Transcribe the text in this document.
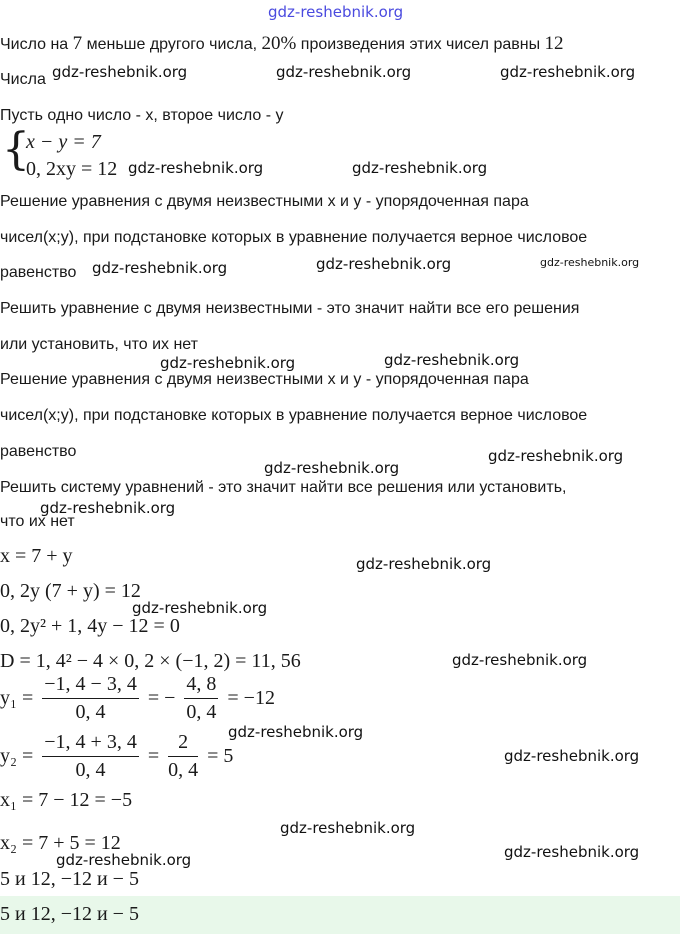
gdz-reshebnik.org
Число на 7 меньше другого числа, 20% произведения этих чисел равны 12
Числа
Пусть одно число - х, второе число - у
{
x − y = 7
0, 2xy = 12
Решение уравнения с двумя неизвестными х и у - упорядоченная пара
чисел(х;у), при подстановке которых в уравнение получается верное числовое
равенство
Решить уравнение с двумя неизвестными - это значит найти все его решения
или установить, что их нет
Решение уравнения с двумя неизвестными х и у - упорядоченная пара
чисел(х;у), при подстановке которых в уравнение получается верное числовое
равенство
Решить систему уравнений - это значит найти все решения или установить,
что их нет
x = 7 + y
0, 2y (7 + y) = 12
0, 2y² + 1, 4y − 12 = 0
D = 1, 4² − 4 × 0, 2 × (−1, 2) = 11, 56
$y_1 = \frac{-1, 4 - 3, 4}{0, 4}$ = − $\frac{4, 8}{0, 4} = -12$
$y_2 = \frac{-1, 4 + 3, 4}{0, 4} = \frac{2}{0, 4} = 5$
x₁ = 7 − 12 = −5
x₂ = 7 + 5 = 12
5 и 12, −12 и − 5
5 и 12, −12 и − 5
gdz-reshebnik.org	gdz-reshebnik.org	gdz-reshebnik.org
gdz-reshebnik.org	gdz-reshebnik.org
gdz-reshebnik.org	gdz-reshebnik.org	gdz-reshebnik.org
gdz-reshebnik.org	gdz-reshebnik.org
gdz-reshebnik.org
gdz-reshebnik.org
gdz-reshebnik.org
gdz-reshebnik.org
gdz-reshebnik.org
gdz-reshebnik.org
gdz-reshebnik.org
gdz-reshebnik.org
gdz-reshebnik.org
gdz-reshebnik.org
gdz-reshebnik.org
